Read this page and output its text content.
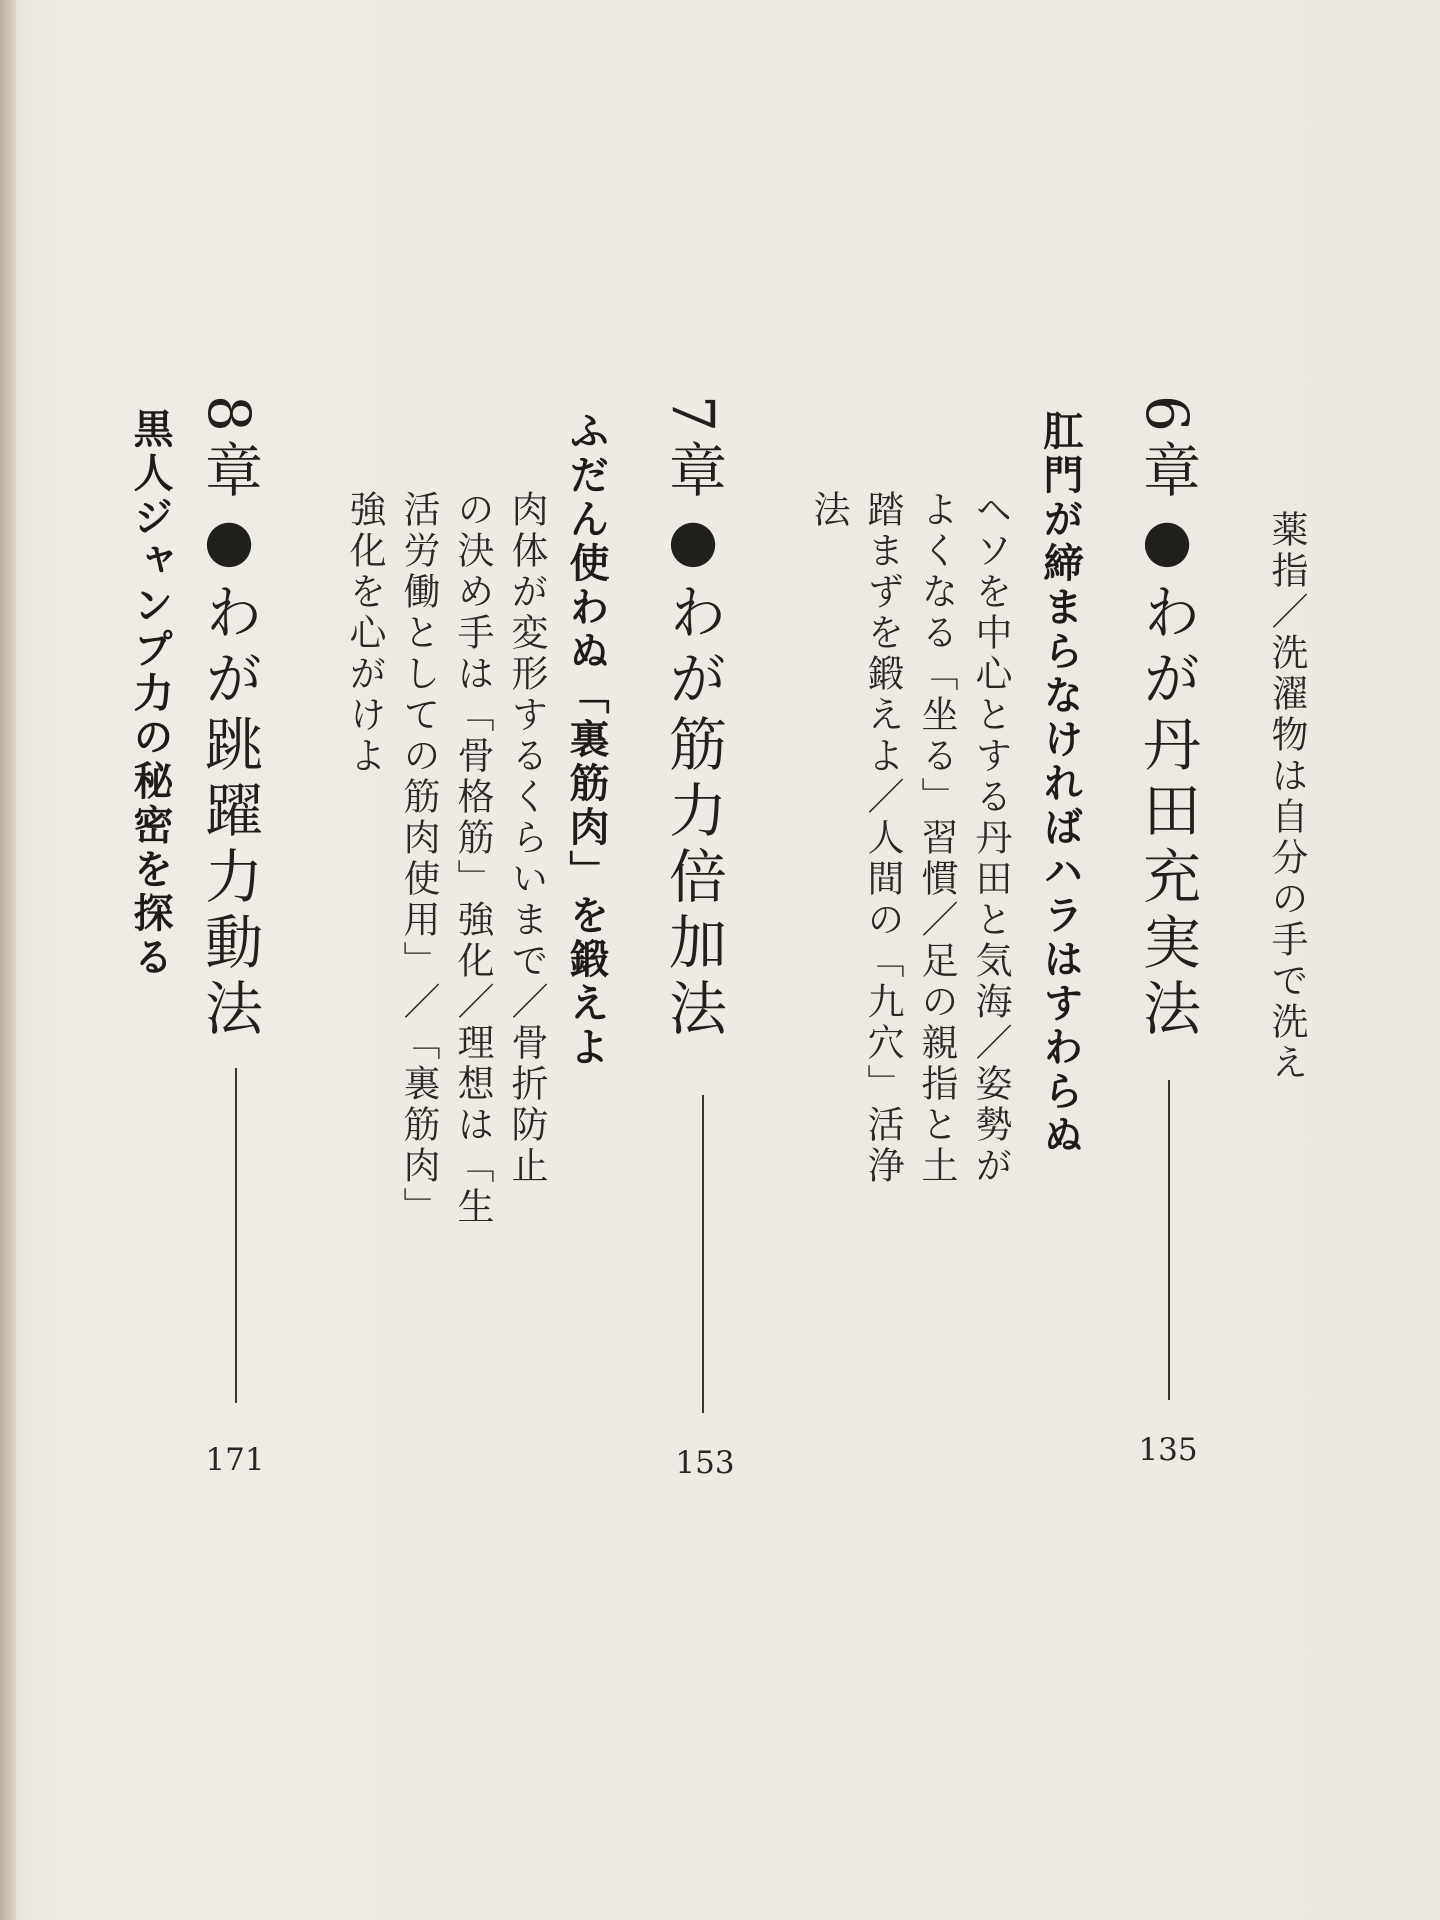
薬指／洗濯物は自分の手で洗え
6章●わが丹田充実法
肛門が締まらなければハラはすわらぬ
ヘソを中心とする丹田と気海／姿勢が
よくなる「坐る」習慣／足の親指と土
踏まずを鍛えよ／人間の「九穴」活浄
法
135
7章●わが筋力倍加法
ふだん使わぬ「裏筋肉」を鍛えよ
肉体が変形するくらいまで／骨折防止
の決め手は「骨格筋」強化／理想は「生
活労働としての筋肉使用」／「裏筋肉」
強化を心がけよ
153
8章●わが跳躍力動法
黒人ジャンプ力の秘密を探る
171
